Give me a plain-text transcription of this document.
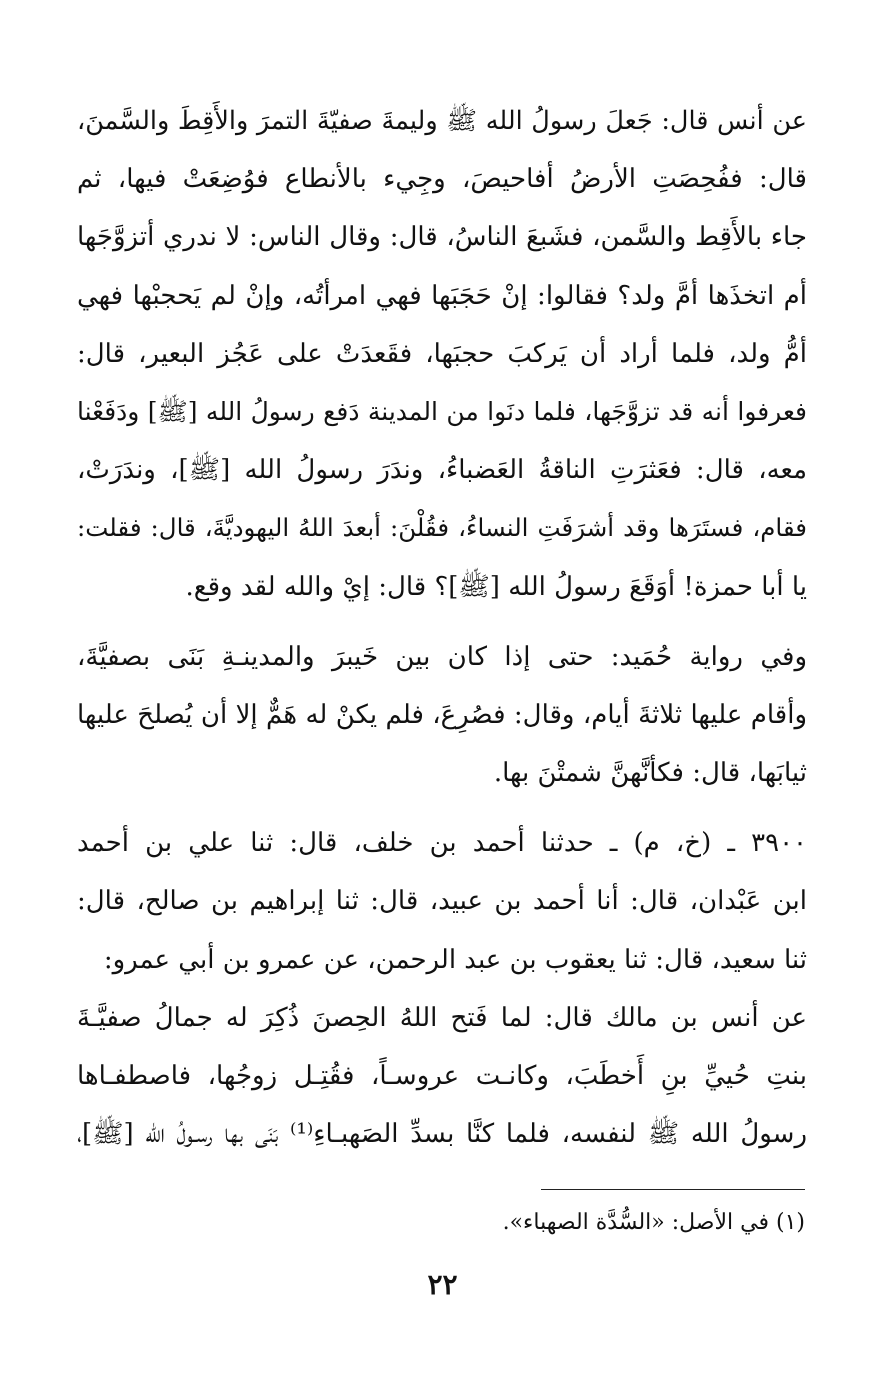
عن أنس قال: جَعلَ رسولُ الله ﷺ وليمةَ صفيّةَ التمرَ والأَقِطَ والسَّمنَ،
قال: ففُحِصَتِ الأرضُ أفاحيصَ، وجِيء بالأنطاع فوُضِعَتْ فيها، ثم
جاء بالأَقِط والسَّمن، فشَبعَ الناسُ، قال: وقال الناس: لا ندري أتزوَّجَها
أم اتخذَها أمَّ ولد؟ فقالوا: إنْ حَجَبَها فهي امرأتُه، وإنْ لم يَحجبْها فهي
أمُّ ولد، فلما أراد أن يَركبَ حجبَها، فقَعدَتْ على عَجُز البعير، قال:
فعرفوا أنه قد تزوَّجَها، فلما دنَوا من المدينة دَفع رسولُ الله [ﷺ] ودَفَعْنا
معه، قال: فعَثرَتِ الناقةُ العَضباءُ، وندَرَ رسولُ الله [ﷺ]، وندَرَتْ،
فقام، فستَرَها وقد أشرَفَتِ النساءُ، فقُلْنَ: أبعدَ اللهُ اليهوديَّةَ، قال: فقلت:
يا أبا حمزة! أوَقَعَ رسولُ الله [ﷺ]؟ قال: إيْ والله لقد وقع.
وفي رواية حُمَيد: حتى إذا كان بين خَيبرَ والمدينـةِ بَنَى بصفيَّةَ،
وأقام عليها ثلاثةَ أيام، وقال: فصُرِعَ، فلم يكنْ له هَمٌّ إلا أن يُصلحَ عليها
ثيابَها، قال: فكأنَّهنَّ شمتْنَ بها.
٣٩٠٠ ـ (خ، م) ـ حدثنا أحمد بن خلف، قال: ثنا علي بن أحمد
ابن عَبْدان، قال: أنا أحمد بن عبيد، قال: ثنا إبراهيم بن صالح، قال:
ثنا سعيد، قال: ثنا يعقوب بن عبد الرحمن، عن عمرو بن أبي عمرو:
عن أنس بن مالك قال: لما فَتح اللهُ الحِصنَ ذُكِرَ له جمالُ صفيَّـةَ
بنتِ حُييِّ بنِ أَخطَبَ، وكانـت عروسـاً، فقُتِـل زوجُها، فاصطفـاها
رسولُ الله ﷺ لنفسه، فلما كنَّا بسدِّ الصَهبـاءِ⁽¹⁾ بَنَى بها رسـولُ الله [ﷺ]،
(١) في الأصل: «السُّدَّة الصهباء».
٢٢
